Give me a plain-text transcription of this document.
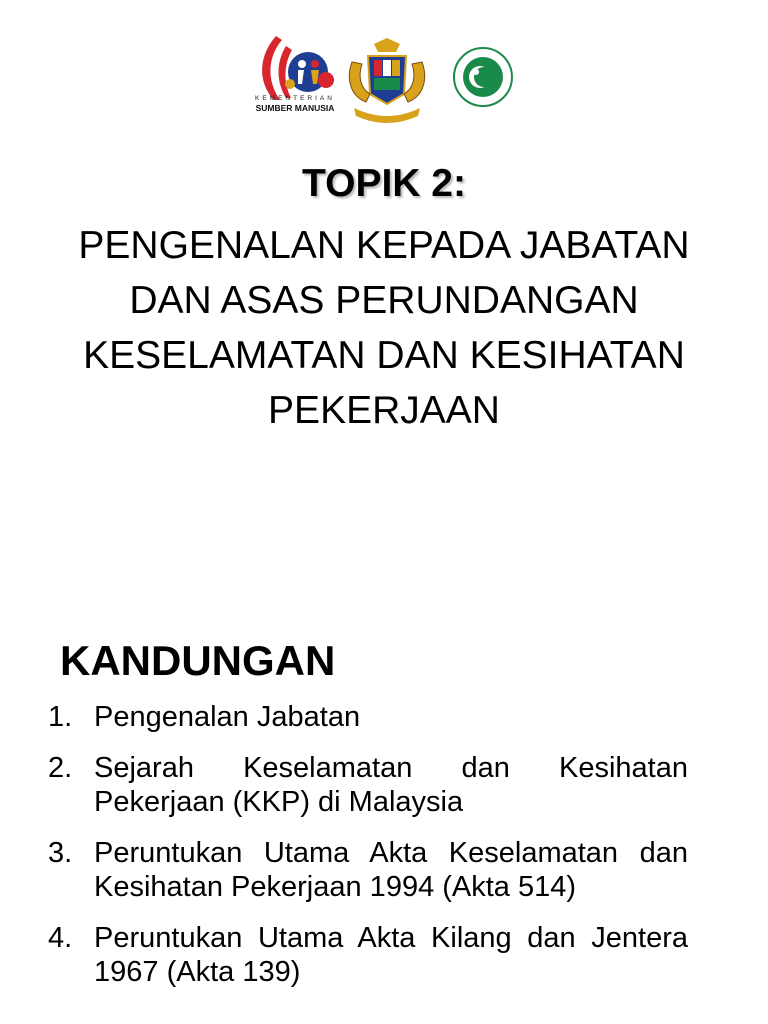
KEMENTERIAN
SUMBER MANUSIA
TOPIK 2:
PENGENALAN KEPADA JABATAN DAN ASAS PERUNDANGAN KESELAMATAN DAN KESIHATAN PEKERJAAN
KANDUNGAN
1. Pengenalan Jabatan
2. Sejarah Keselamatan dan Kesihatan Pekerjaan (KKP) di Malaysia
3. Peruntukan Utama Akta Keselamatan dan Kesihatan Pekerjaan 1994 (Akta 514)
4. Peruntukan Utama Akta Kilang dan Jentera 1967 (Akta 139)
